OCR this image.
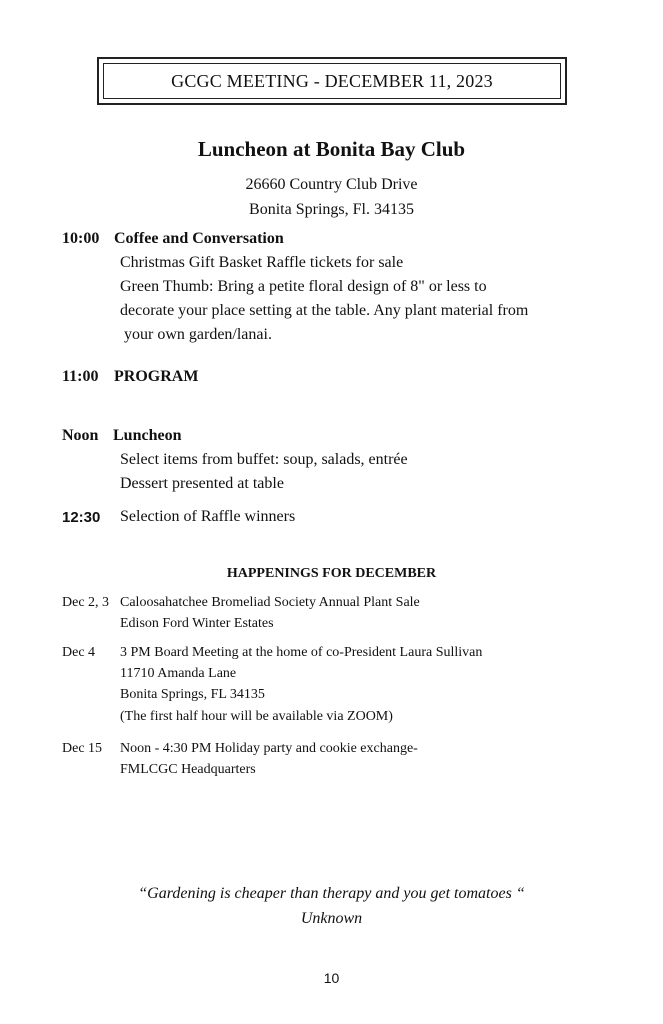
GCGC MEETING - DECEMBER 11, 2023
Luncheon at Bonita Bay Club
26660 Country Club Drive
Bonita Springs, Fl. 34135
10:00 Coffee and Conversation
Christmas Gift Basket Raffle tickets for sale
Green Thumb: Bring a petite floral design of 8" or less to
decorate your place setting at the table. Any plant material from
your own garden/lanai.
11:00 PROGRAM
Noon Luncheon
Select items from buffet: soup, salads, entrée
Dessert presented at table
12:30 Selection of Raffle winners
HAPPENINGS FOR DECEMBER
Dec 2, 3 Caloosahatchee Bromeliad Society Annual Plant Sale
Edison Ford Winter Estates
Dec 4 3 PM Board Meeting at the home of co-President Laura Sullivan
11710 Amanda Lane
Bonita Springs, FL 34135
(The first half hour will be available via ZOOM)
Dec 15 Noon - 4:30 PM Holiday party and cookie exchange-
FMLCGC Headquarters
“Gardening is cheaper than therapy and you get tomatoes “
Unknown
10
